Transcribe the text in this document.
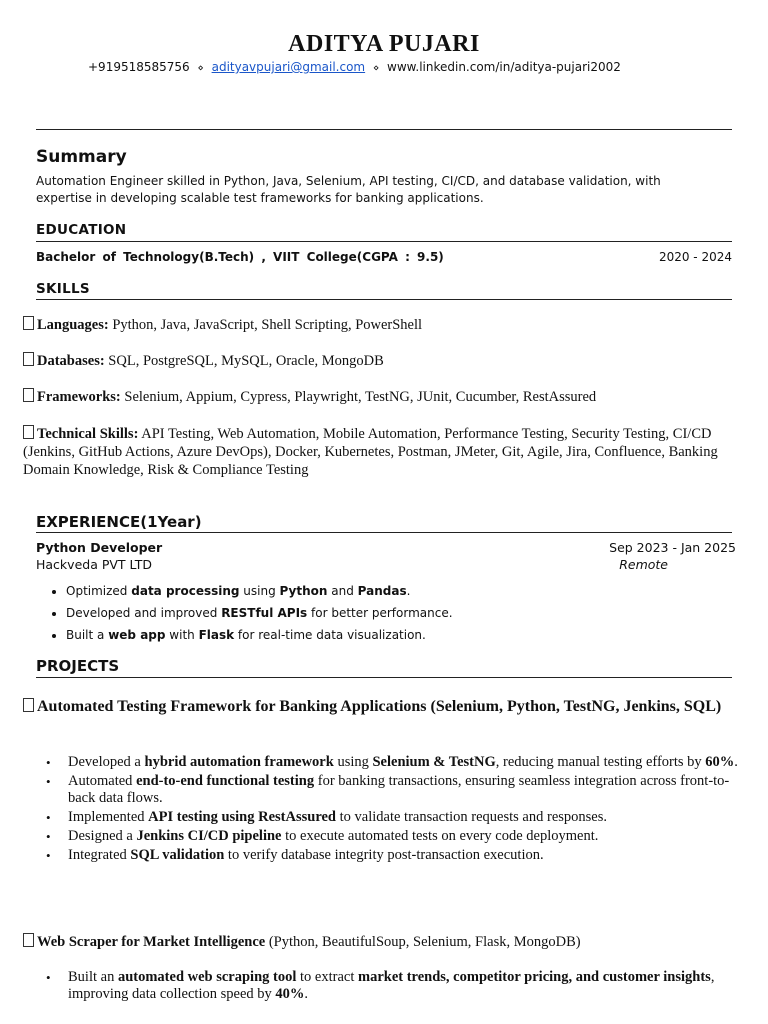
ADITYA PUJARI
+919518585756 ⋄ adityavpujari@gmail.com ⋄ www.linkedin.com/in/aditya-pujari2002
Summary
Automation Engineer skilled in Python, Java, Selenium, API testing, CI/CD, and database validation, with expertise in developing scalable test frameworks for banking applications.
EDUCATION
Bachelor of Technology(B.Tech) , VIIT College(CGPA : 9.5)	2020 - 2024
SKILLS
Languages: Python, Java, JavaScript, Shell Scripting, PowerShell
Databases: SQL, PostgreSQL, MySQL, Oracle, MongoDB
Frameworks: Selenium, Appium, Cypress, Playwright, TestNG, JUnit, Cucumber, RestAssured
Technical Skills: API Testing, Web Automation, Mobile Automation, Performance Testing, Security Testing, CI/CD (Jenkins, GitHub Actions, Azure DevOps), Docker, Kubernetes, Postman, JMeter, Git, Agile, Jira, Confluence, Banking Domain Knowledge, Risk & Compliance Testing
EXPERIENCE(1Year)
Python Developer	Sep 2023 - Jan 2025
Hackveda PVT LTD	Remote
• Optimized data processing using Python and Pandas.
• Developed and improved RESTful APIs for better performance.
• Built a web app with Flask for real-time data visualization.
PROJECTS
Automated Testing Framework for Banking Applications (Selenium, Python, TestNG, Jenkins, SQL)
• Developed a hybrid automation framework using Selenium & TestNG, reducing manual testing efforts by 60%.
• Automated end-to-end functional testing for banking transactions, ensuring seamless integration across front-to-back data flows.
• Implemented API testing using RestAssured to validate transaction requests and responses.
• Designed a Jenkins CI/CD pipeline to execute automated tests on every code deployment.
• Integrated SQL validation to verify database integrity post-transaction execution.
Web Scraper for Market Intelligence (Python, BeautifulSoup, Selenium, Flask, MongoDB)
• Built an automated web scraping tool to extract market trends, competitor pricing, and customer insights, improving data collection speed by 40%.
